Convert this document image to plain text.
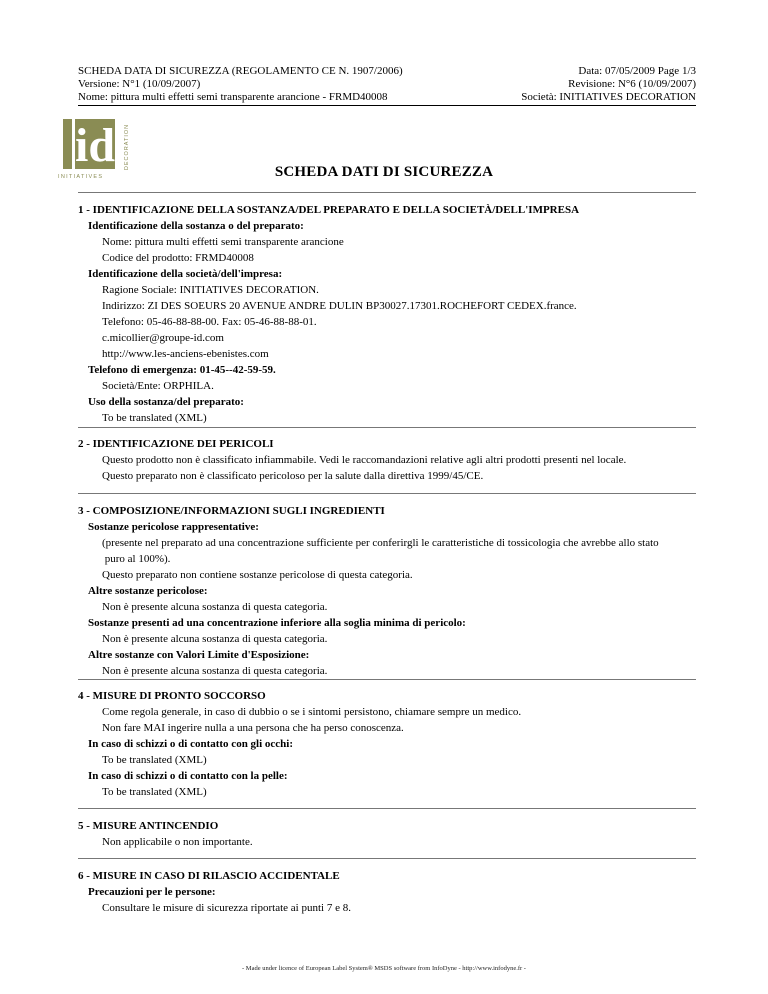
SCHEDA DATA DI SICUREZZA (REGOLAMENTO CE N. 1907/2006)
Versione: N°1 (10/09/2007)
Nome: pittura multi effetti semi transparente arancione - FRMD40008
Data: 07/05/2009 Page 1/3
Revisione: N°6 (10/09/2007)
Società: INITIATIVES DECORATION
id DECORATION
INITIATIVES	SCHEDA DATI DI SICUREZZA
1 - IDENTIFICAZIONE DELLA SOSTANZA/DEL PREPARATO E DELLA SOCIETÀ/DELL'IMPRESA
Identificazione della sostanza o del preparato:
Nome: pittura multi effetti semi transparente arancione
Codice del prodotto: FRMD40008
Identificazione della società/dell'impresa:
Ragione Sociale: INITIATIVES DECORATION.
Indirizzo: ZI DES SOEURS 20 AVENUE ANDRE DULIN BP30027.17301.ROCHEFORT CEDEX.france.
Telefono: 05-46-88-88-00. Fax: 05-46-88-88-01.
c.micollier@groupe-id.com
http://www.les-anciens-ebenistes.com
Telefono di emergenza: 01-45--42-59-59.
Società/Ente: ORPHILA.
Uso della sostanza/del preparato:
To be translated (XML)
2 - IDENTIFICAZIONE DEI PERICOLI
Questo prodotto non è classificato infiammabile. Vedi le raccomandazioni relative agli altri prodotti presenti nel locale.
Questo preparato non è classificato pericoloso per la salute dalla direttiva 1999/45/CE.
3 - COMPOSIZIONE/INFORMAZIONI SUGLI INGREDIENTI
Sostanze pericolose rappresentative:
(presente nel preparato ad una concentrazione sufficiente per conferirgli le caratteristiche di tossicologia che avrebbe allo stato
puro al 100%).
Questo preparato non contiene sostanze pericolose di questa categoria.
Altre sostanze pericolose:
Non è presente alcuna sostanza di questa categoria.
Sostanze presenti ad una concentrazione inferiore alla soglia minima di pericolo:
Non è presente alcuna sostanza di questa categoria.
Altre sostanze con Valori Limite d'Esposizione:
Non è presente alcuna sostanza di questa categoria.
4 - MISURE DI PRONTO SOCCORSO
Come regola generale, in caso di dubbio o se i sintomi persistono, chiamare sempre un medico.
Non fare MAI ingerire nulla a una persona che ha perso conoscenza.
In caso di schizzi o di contatto con gli occhi:
To be translated (XML)
In caso di schizzi o di contatto con la pelle:
To be translated (XML)
5 - MISURE ANTINCENDIO
Non applicabile o non importante.
6 - MISURE IN CASO DI RILASCIO ACCIDENTALE
Precauzioni per le persone:
Consultare le misure di sicurezza riportate ai punti 7 e 8.
- Made under licence of European Label System® MSDS software from InfoDyne - http://www.infodyne.fr -
